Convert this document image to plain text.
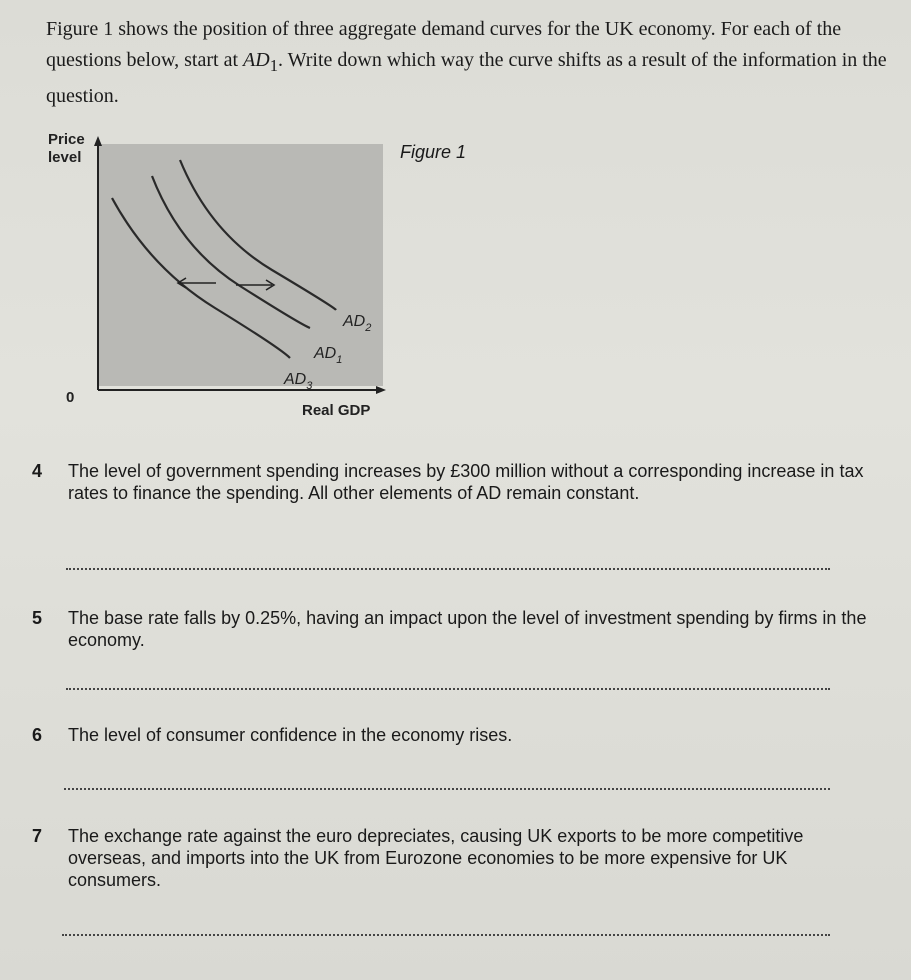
Figure 1 shows the position of three aggregate demand curves for the UK economy. For each of the questions below, start at $AD_1$. Write down which way the curve shifts as a result of the information in the question.
Figure 1
Price
level
0
Real GDP
$AD_2$
$AD_1$
$AD_3$
4 The level of government spending increases by £300 million without a corresponding increase in tax rates to finance the spending. All other elements of AD remain constant.
5 The base rate falls by 0.25%, having an impact upon the level of investment spending by firms in the economy.
6 The level of consumer confidence in the economy rises.
7 The exchange rate against the euro depreciates, causing UK exports to be more competitive overseas, and imports into the UK from Eurozone economies to be more expensive for UK consumers.
